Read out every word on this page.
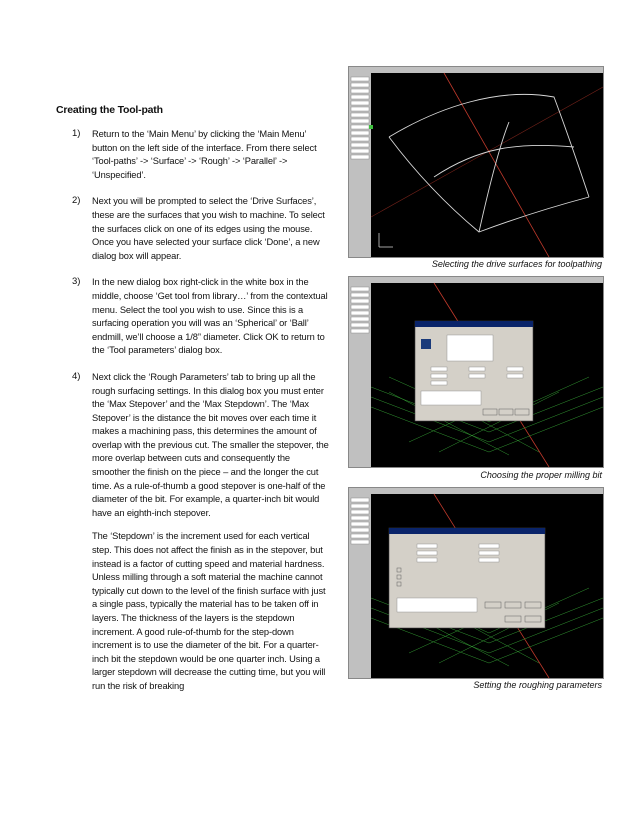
Creating the Tool-path
1) Return to the ‘Main Menu’ by clicking the ‘Main Menu’ button on the left side of the interface. From there select ‘Tool-paths’ -> ‘Surface’ -> ‘Rough’ -> ‘Parallel’ -> ‘Unspecified’.
2) Next you will be prompted to select the ‘Drive Surfaces’, these are the surfaces that you wish to machine. To select the surfaces click on one of its edges using the mouse. Once you have selected your surface click ‘Done’, a new dialog box will appear.
3) In the new dialog box right-click in the white box in the middle, choose ‘Get tool from library…’ from the contextual menu. Select the tool you wish to use. Since this is a surfacing operation you will was an ‘Spherical’ or ‘Ball’ endmill, we’ll choose a 1/8” diameter. Click OK to return to the ‘Tool parameters’ dialog box.
4) Next click the ‘Rough Parameters’ tab to bring up all the rough surfacing settings. In this dialog box you must enter the ‘Max Stepover’ and the ‘Max Stepdown’. The ‘Max Stepover’ is the distance the bit moves over each time it makes a machining pass, this determines the amount of overlap with the previous cut. The smaller the stepover, the more overlap between cuts and consequently the smoother the finish on the piece – and the longer the cut time. As a rule-of-thumb a good stepover is one-half of the diameter of the bit. For example, a quarter-inch bit would have an eighth-inch stepover.
The ‘Stepdown’ is the increment used for each vertical step. This does not affect the finish as in the stepover, but instead is a factor of cutting speed and material hardness. Unless milling through a soft material the machine cannot typically cut down to the level of the finish surface with just a single pass, typically the material has to be taken off in layers. The thickness of the layers is the stepdown increment. A good rule-of-thumb for the step-down increment is to use the diameter of the bit. For a quarter-inch bit the stepdown would be one quarter inch. Using a larger stepdown will decrease the cutting time, but you will run the risk of breaking
Selecting the drive surfaces for toolpathing
Choosing the proper milling bit
Setting the roughing parameters
